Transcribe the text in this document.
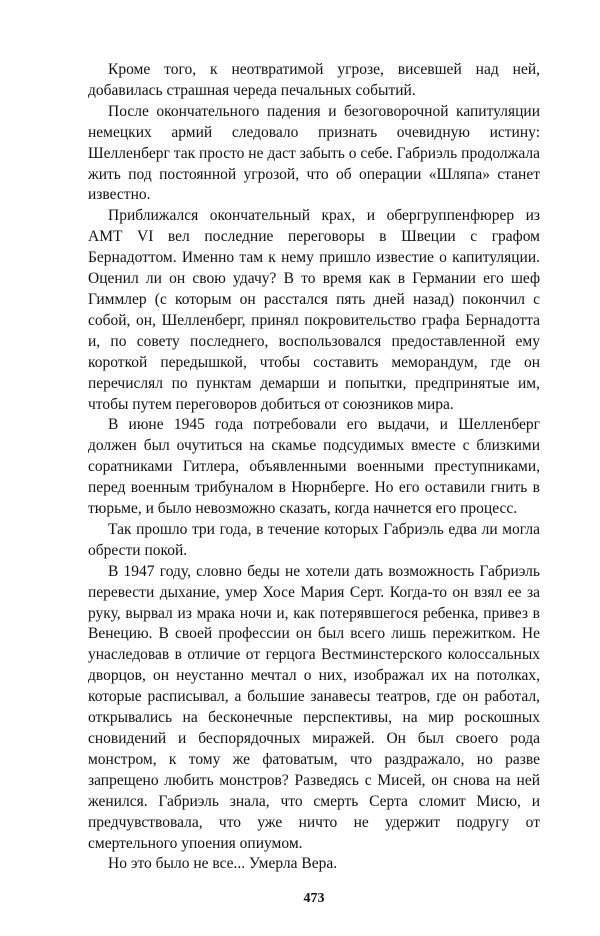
Кроме того, к неотвратимой угрозе, висевшей над ней, добавилась страшная череда печальных событий.

После окончательного падения и безоговорочной капитуляции немецких армий следовало признать очевидную истину: Шелленберг так просто не даст забыть о себе. Габриэль продолжала жить под постоянной угрозой, что об операции «Шляпа» станет известно.

Приближался окончательный крах, и обергруппенфюрер из АМТ VI вел последние переговоры в Швеции с графом Бернадоттом. Именно там к нему пришло известие о капитуляции. Оценил ли он свою удачу? В то время как в Германии его шеф Гиммлер (с которым он расстался пять дней назад) покончил с собой, он, Шелленберг, принял покровительство графа Бернадотта и, по совету последнего, воспользовался предоставленной ему короткой передышкой, чтобы составить меморандум, где он перечислял по пунктам демарши и попытки, предпринятые им, чтобы путем переговоров добиться от союзников мира.

В июне 1945 года потребовали его выдачи, и Шелленберг должен был очутиться на скамье подсудимых вместе с близкими соратниками Гитлера, объявленными военными преступниками, перед военным трибуналом в Нюрнберге. Но его оставили гнить в тюрьме, и было невозможно сказать, когда начнется его процесс.

Так прошло три года, в течение которых Габриэль едва ли могла обрести покой.

В 1947 году, словно беды не хотели дать возможность Габриэль перевести дыхание, умер Хосе Мария Серт. Когда-то он взял ее за руку, вырвал из мрака ночи и, как потерявшегося ребенка, привез в Венецию. В своей профессии он был всего лишь пережитком. Не унаследовав в отличие от герцога Вестминстерского колоссальных дворцов, он неустанно мечтал о них, изображал их на потолках, которые расписывал, а большие занавесы театров, где он работал, открывались на бесконечные перспективы, на мир роскошных сновидений и беспорядочных миражей. Он был своего рода монстром, к тому же фатоватым, что раздражало, но разве запрещено любить монстров? Разведясь с Мисей, он снова на ней женился. Габриэль знала, что смерть Серта сломит Мисю, и предчувствовала, что уже ничто не удержит подругу от смертельного упоения опиумом.

Но это было не все... Умерла Вера.

473
